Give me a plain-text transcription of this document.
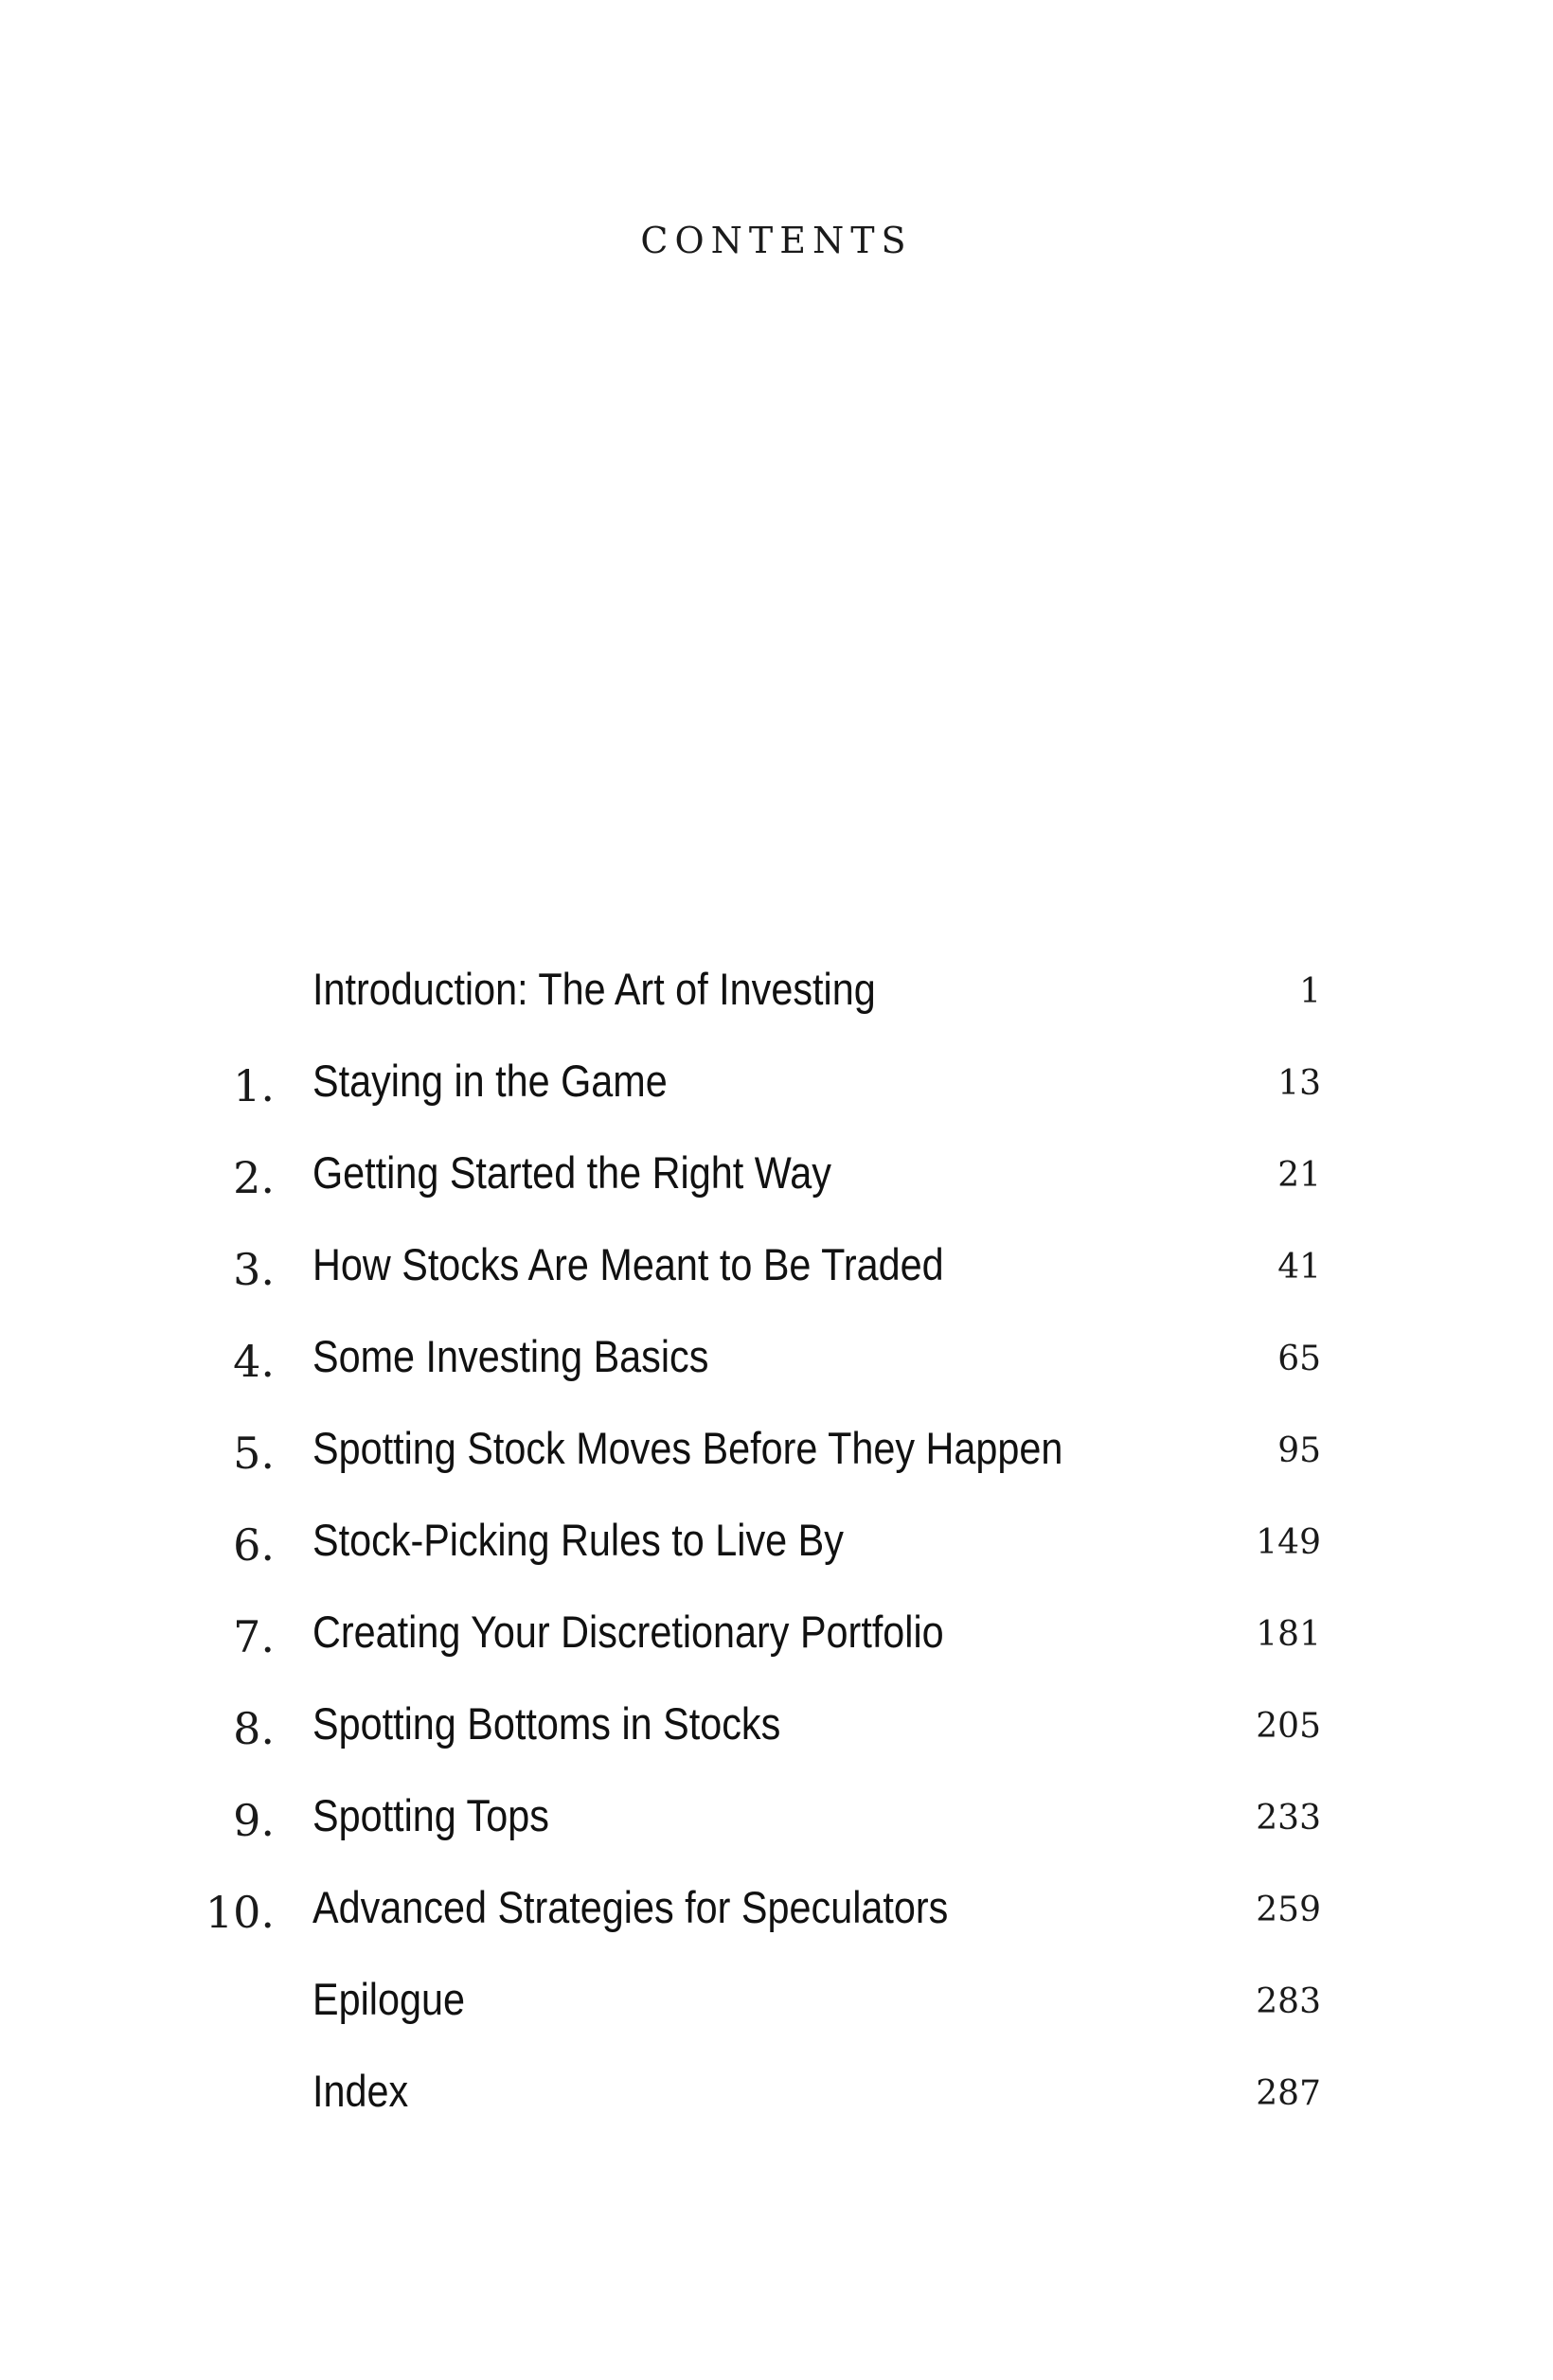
CONTENTS
Introduction: The Art of Investing	1
1. Staying in the Game	13
2. Getting Started the Right Way	21
3. How Stocks Are Meant to Be Traded	41
4. Some Investing Basics	65
5. Spotting Stock Moves Before They Happen	95
6. Stock-Picking Rules to Live By	149
7. Creating Your Discretionary Portfolio	181
8. Spotting Bottoms in Stocks	205
9. Spotting Tops	233
10. Advanced Strategies for Speculators	259
Epilogue	283
Index	287
